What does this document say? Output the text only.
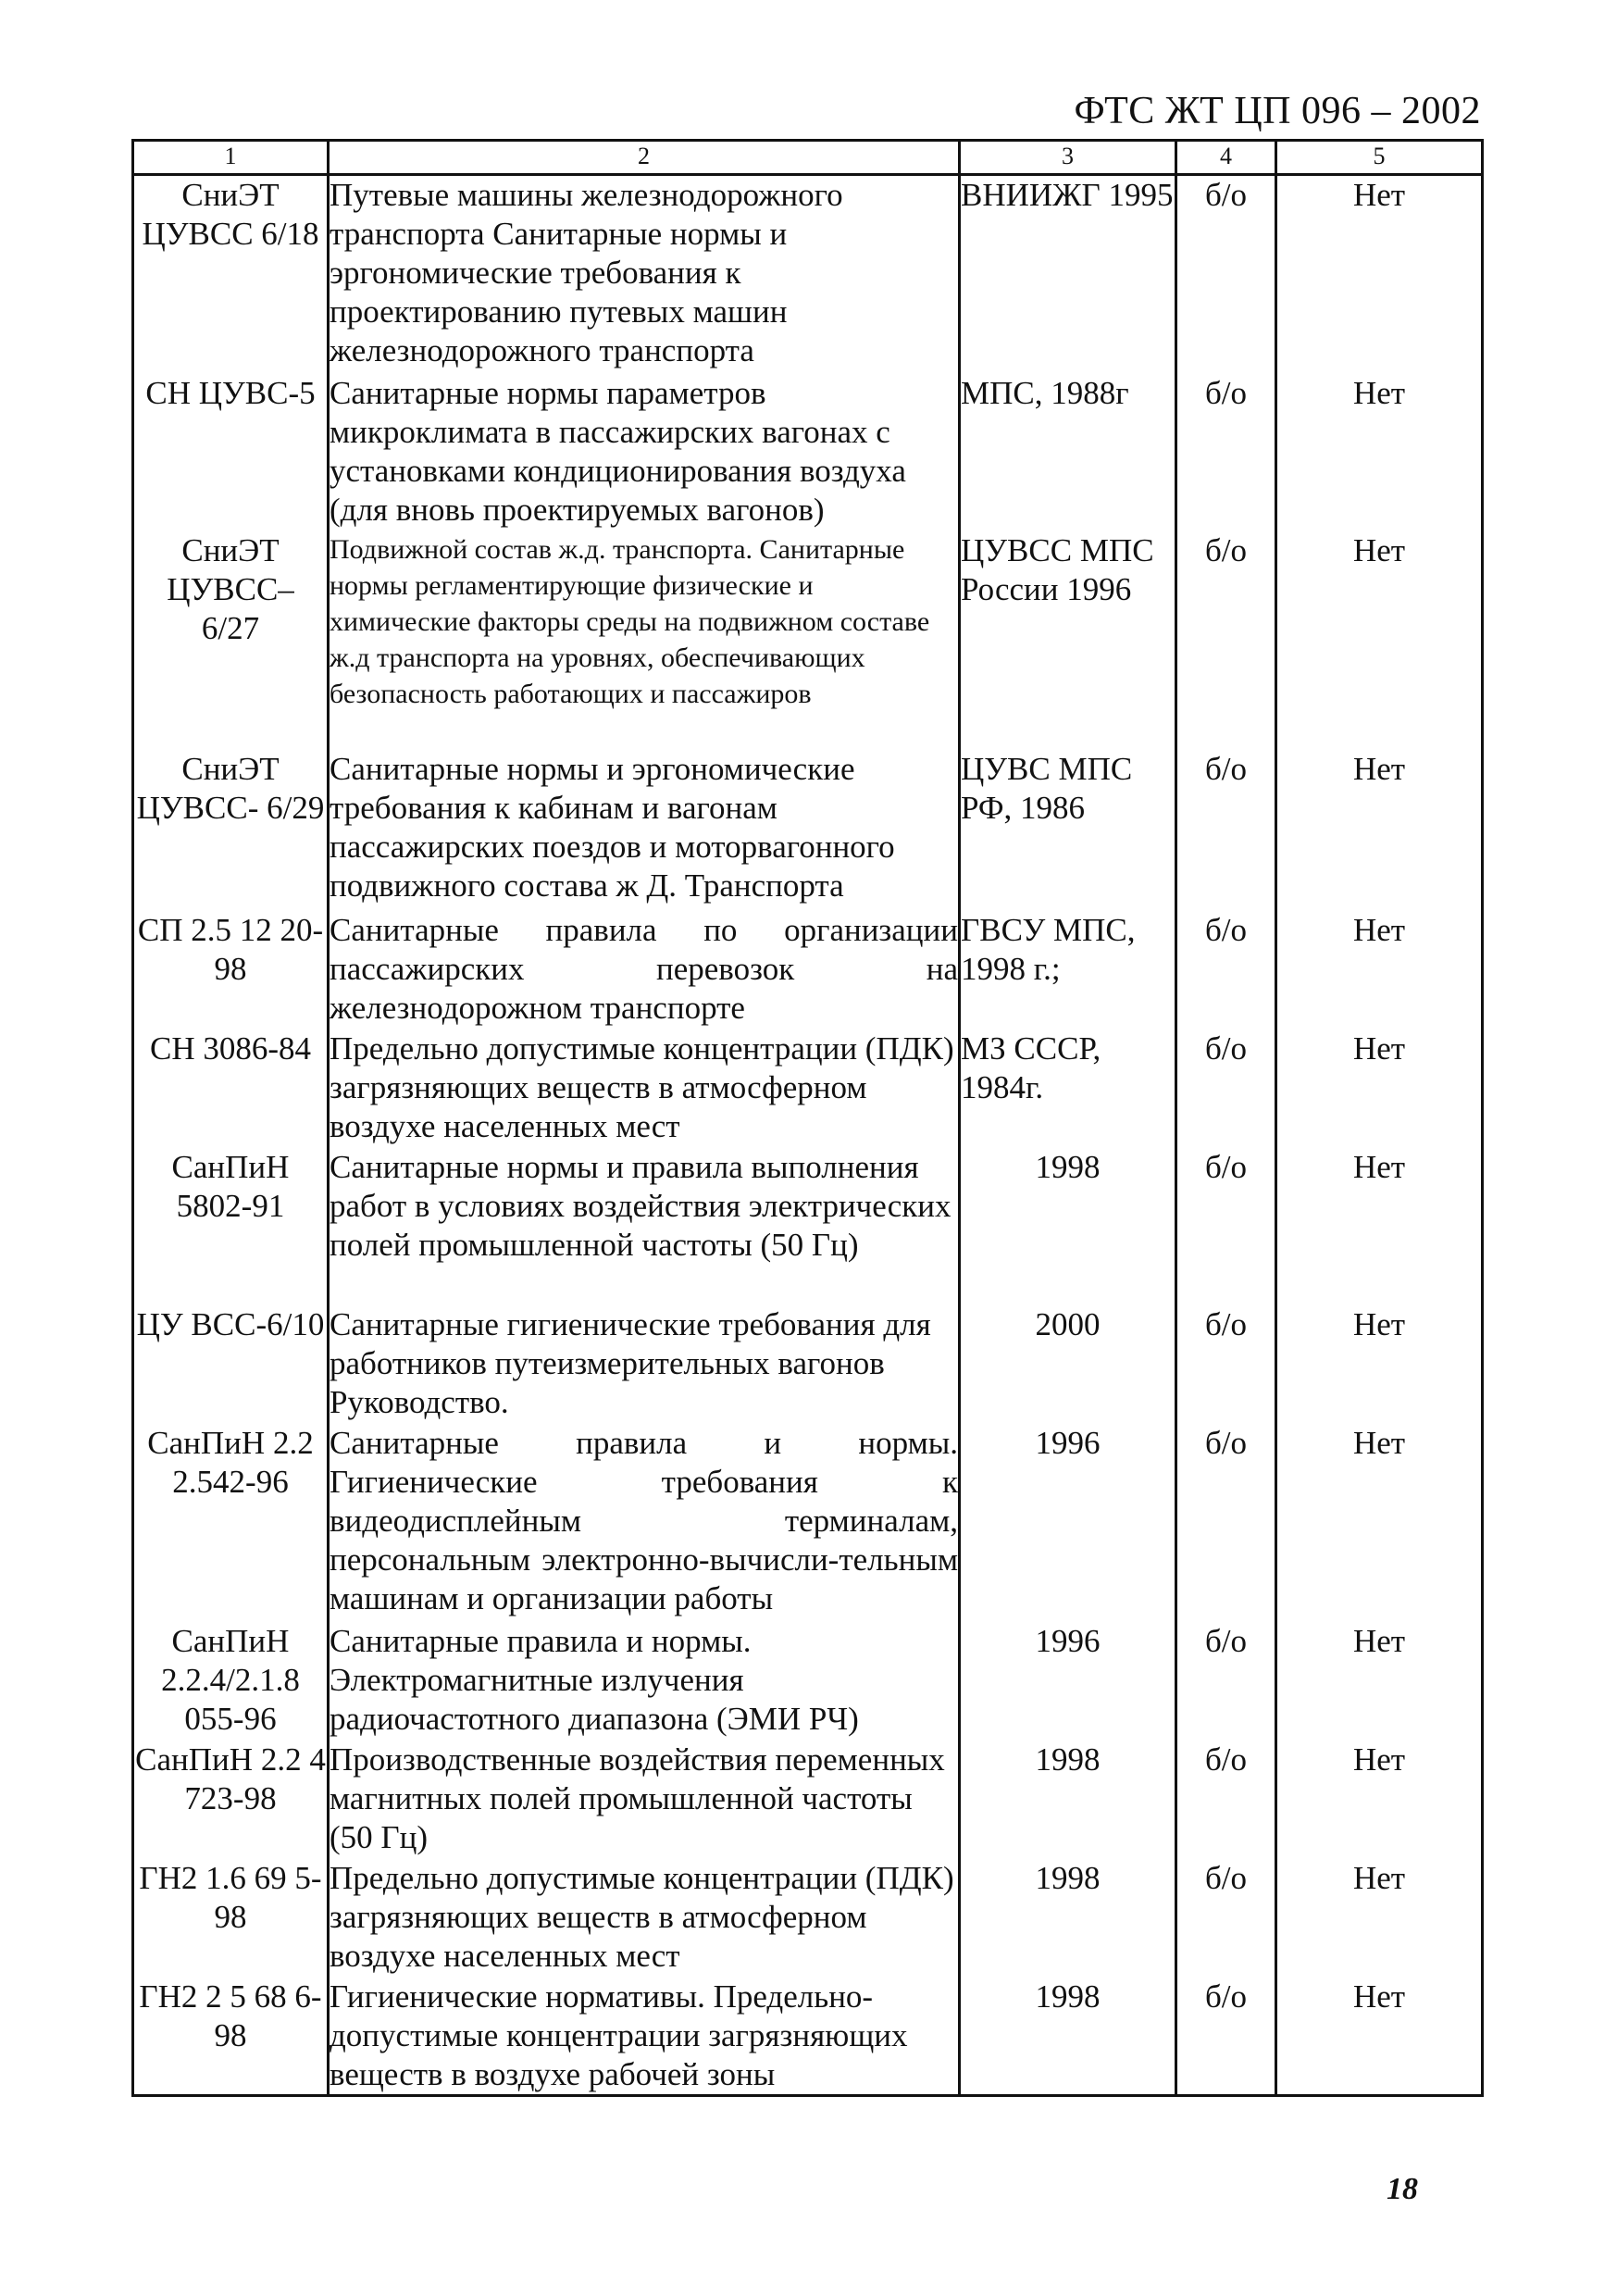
ФТС ЖТ ЦП 096 – 2002
1	2	3	4	5
СниЭТ ЦУВСС 6/18	Путевые машины железнодорожного транспорта Санитарные нормы и эргономические требования к проектированию путевых машин железнодорожного транспорта	ВНИИЖГ 1995	б/о	Нет
СН ЦУВС-5	Санитарные нормы параметров микроклимата в пассажирских вагонах с установками кондиционирования воздуха (для вновь проектируемых вагонов)	МПС, 1988г	б/о	Нет
СниЭТ ЦУВСС– 6/27	Подвижной состав ж.д. транспорта. Санитарные нормы регламентирующие физические и химические факторы среды на подвижном составе ж.д транспорта на уровнях, обеспечивающих безопасность работающих и пассажиров	ЦУВСС МПС России 1996	б/о	Нет
СниЭТ ЦУВСС- 6/29	Санитарные нормы и эргономические требования к кабинам и вагонам пассажирских поездов и моторвагонного подвижного состава ж Д. Транспорта	ЦУВС МПС РФ, 1986	б/о	Нет
СП 2.5 12 20-98	Санитарные правила по организации пассажирских перевозок на железнодорожном транспорте	ГВСУ МПС, 1998 г.;	б/о	Нет
СН 3086-84	Предельно допустимые концентрации (ПДК) загрязняющих веществ в атмосферном воздухе населенных мест	МЗ СССР, 1984г.	б/о	Нет
СанПиН 5802-91	Санитарные нормы и правила выполнения работ в условиях воздействия электрических полей промышленной частоты (50 Гц)	1998	б/о	Нет
ЦУ ВСС-6/10	Санитарные гигиенические требования для работников путеизмерительных вагонов Руководство.	2000	б/о	Нет
СанПиН 2.2 2.542-96	Санитарные правила и нормы. Гигиенические требования к видеодисплейным терминалам, персональным электронно-вычисли-тельным машинам и организации работы	1996	б/о	Нет
СанПиН 2.2.4/2.1.8 055-96	Санитарные правила и нормы. Электромагнитные излучения радиочастотного диапазона (ЭМИ РЧ)	1996	б/о	Нет
СанПиН 2.2 4 723-98	Производственные воздействия переменных магнитных полей промышленной частоты (50 Гц)	1998	б/о	Нет
ГН2 1.6 69 5-98	Предельно допустимые концентрации (ПДК) загрязняющих веществ в атмосферном воздухе населенных мест	1998	б/о	Нет
ГН2 2 5 68 6-98	Гигиенические нормативы. Предельно-допустимые концентрации загрязняющих веществ в воздухе рабочей зоны	1998	б/о	Нет
18
